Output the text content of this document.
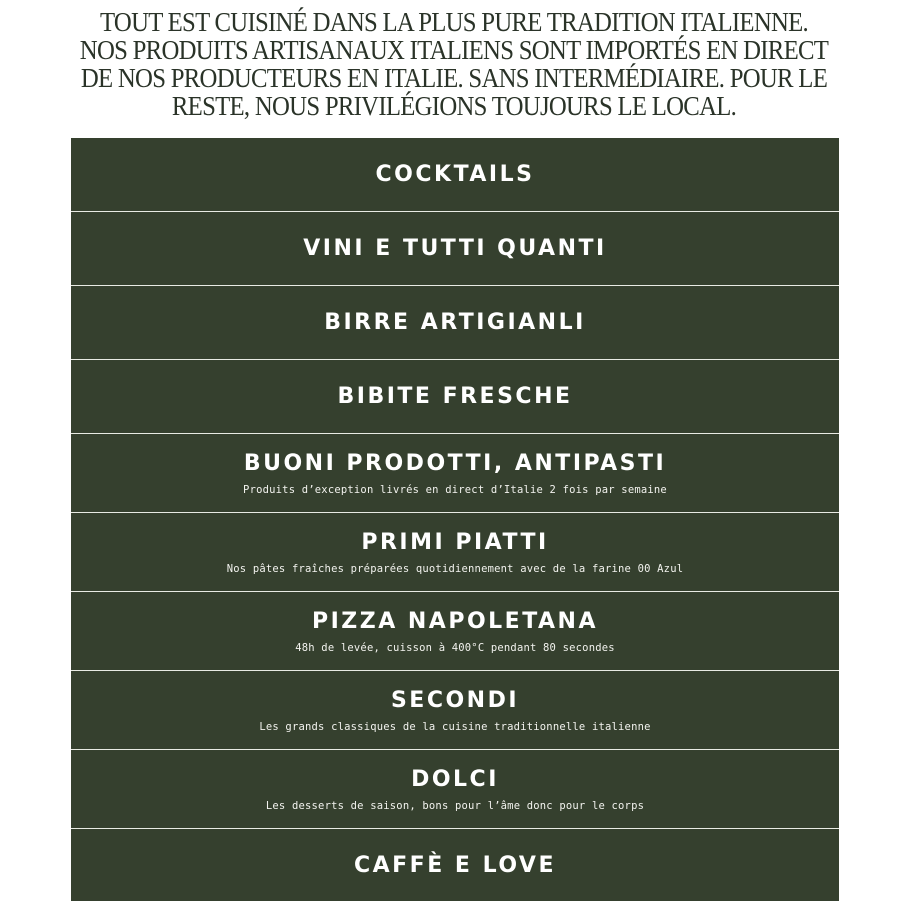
TOUT EST CUISINÉ DANS LA PLUS PURE TRADITION ITALIENNE.
NOS PRODUITS ARTISANAUX ITALIENS SONT IMPORTÉS EN DIRECT
DE NOS PRODUCTEURS EN ITALIE. SANS INTERMÉDIAIRE. POUR LE
RESTE, NOUS PRIVILÉGIONS TOUJOURS LE LOCAL.
COCKTAILS
VINI E TUTTI QUANTI
BIRRE ARTIGIANLI
BIBITE FRESCHE
BUONI PRODOTTI, ANTIPASTI
Produits d’exception livrés en direct d’Italie 2 fois par semaine
PRIMI PIATTI
Nos pâtes fraîches préparées quotidiennement avec de la farine 00 Azul
PIZZA NAPOLETANA
48h de levée, cuisson à 400°C pendant 80 secondes
SECONDI
Les grands classiques de la cuisine traditionnelle italienne
DOLCI
Les desserts de saison, bons pour l’âme donc pour le corps
CAFFÈ E LOVE
